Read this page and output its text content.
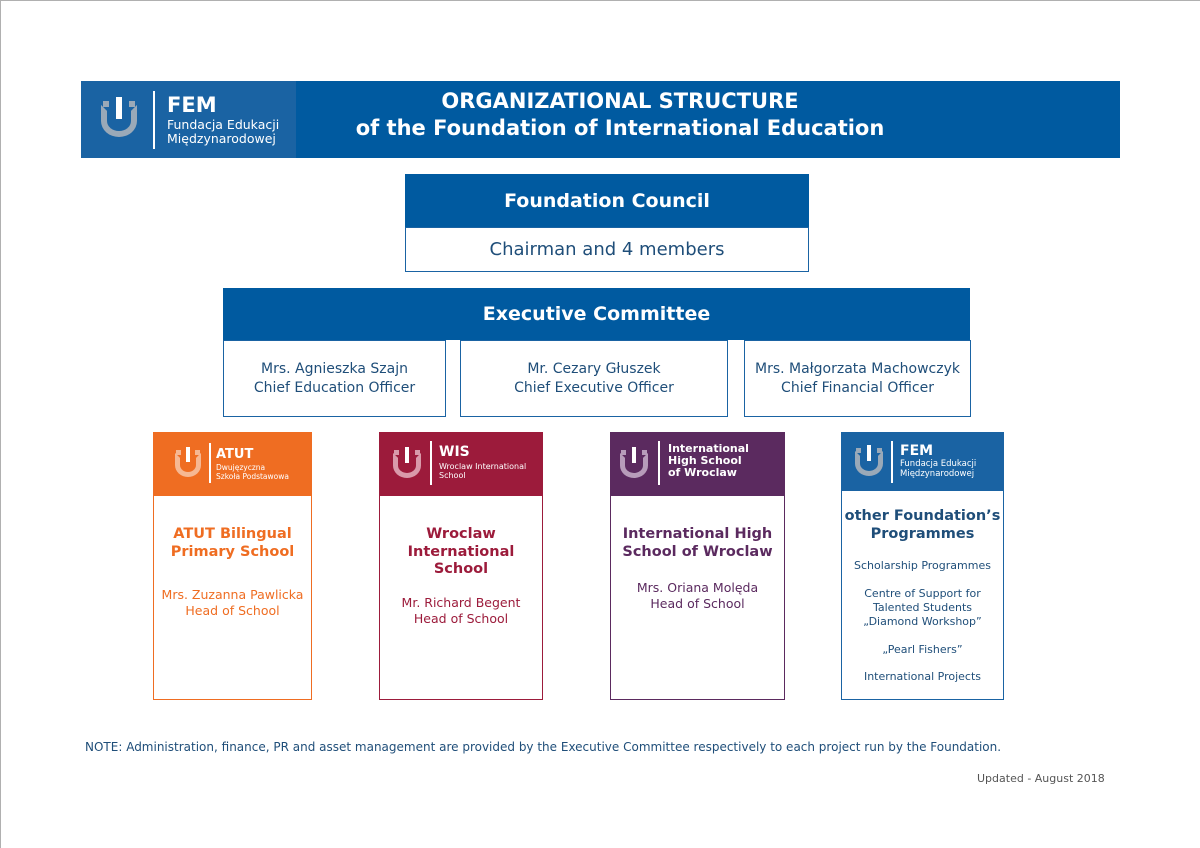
FEM
Fundacja Edukacji
Międzynarodowej
ORGANIZATIONAL STRUCTURE
of the Foundation of International Education
Foundation Council
Chairman and 4 members
Executive Committee
Mrs. Agnieszka Szajn
Chief Education Officer
Mr. Cezary Głuszek
Chief Executive Officer
Mrs. Małgorzata Machowczyk
Chief Financial Officer
ATUT
Dwujęzyczna
Szkoła Podstawowa
ATUT Bilingual
Primary School
Mrs. Zuzanna Pawlicka
Head of School
WIS
Wroclaw International
School
Wroclaw
International
School
Mr. Richard Begent
Head of School
International
High School
of Wroclaw
International High
School of Wroclaw
Mrs. Oriana Molęda
Head of School
FEM
Fundacja Edukacji
Międzynarodowej
other Foundation’s
Programmes
Scholarship Programmes
Centre of Support for
Talented Students
„Diamond Workshop”
„Pearl Fishers”
International Projects
NOTE: Administration, finance, PR and asset management are provided by the Executive Committee respectively to each project run by the Foundation.
Updated - August 2018
